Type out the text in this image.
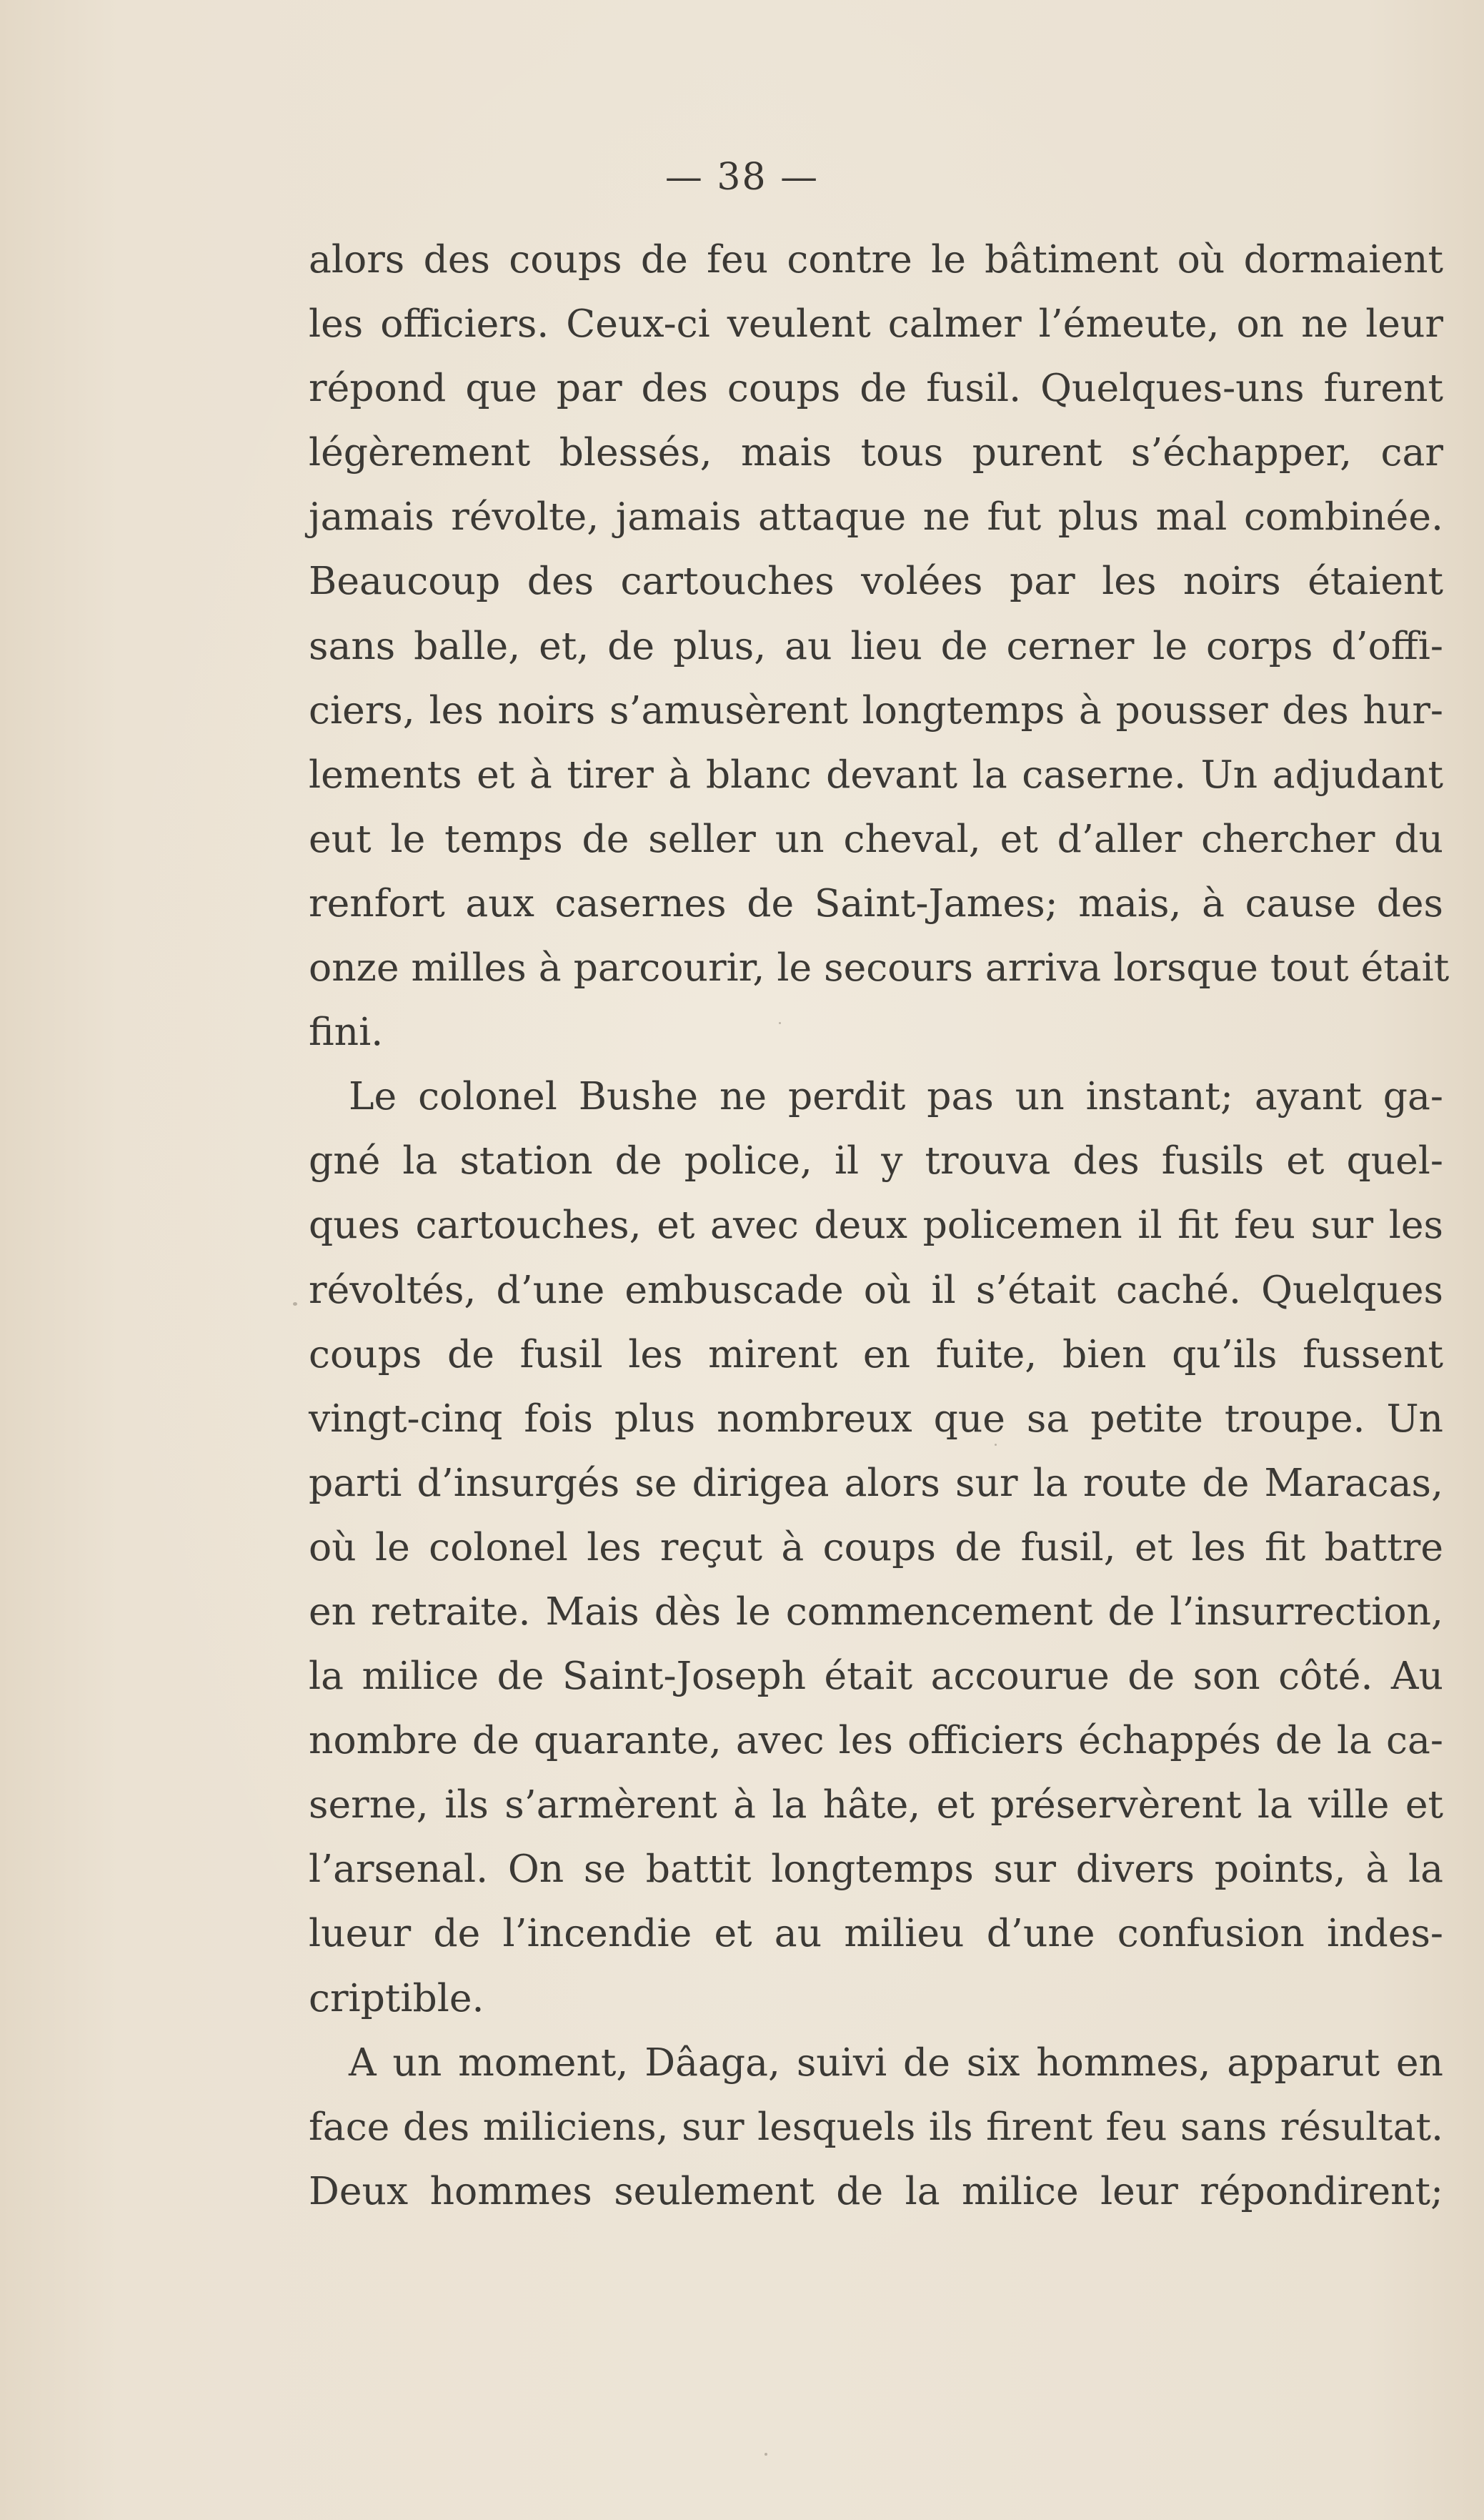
— 38 —

alors des coups de feu contre le bâtiment où dormaient
les officiers. Ceux-ci veulent calmer l’émeute, on ne leur
répond que par des coups de fusil. Quelques-uns furent
légèrement blessés, mais tous purent s’échapper, car
jamais révolte, jamais attaque ne fut plus mal combinée.
Beaucoup des cartouches volées par les noirs étaient
sans balle, et, de plus, au lieu de cerner le corps d’offi-
ciers, les noirs s’amusèrent longtemps à pousser des hur-
lements et à tirer à blanc devant la caserne. Un adjudant
eut le temps de seller un cheval, et d’aller chercher du
renfort aux casernes de Saint-James; mais, à cause des
onze milles à parcourir, le secours arriva lorsque tout était
fini.
Le colonel Bushe ne perdit pas un instant; ayant ga-
gné la station de police, il y trouva des fusils et quel-
ques cartouches, et avec deux policemen il fit feu sur les
révoltés, d’une embuscade où il s’était caché. Quelques
coups de fusil les mirent en fuite, bien qu’ils fussent
vingt-cinq fois plus nombreux que sa petite troupe. Un
parti d’insurgés se dirigea alors sur la route de Maracas,
où le colonel les reçut à coups de fusil, et les fit battre
en retraite. Mais dès le commencement de l’insurrection,
la milice de Saint-Joseph était accourue de son côté. Au
nombre de quarante, avec les officiers échappés de la ca-
serne, ils s’armèrent à la hâte, et préservèrent la ville et
l’arsenal. On se battit longtemps sur divers points, à la
lueur de l’incendie et au milieu d’une confusion indes-
criptible.
A un moment, Dâaga, suivi de six hommes, apparut en
face des miliciens, sur lesquels ils firent feu sans résultat.
Deux hommes seulement de la milice leur répondirent;
